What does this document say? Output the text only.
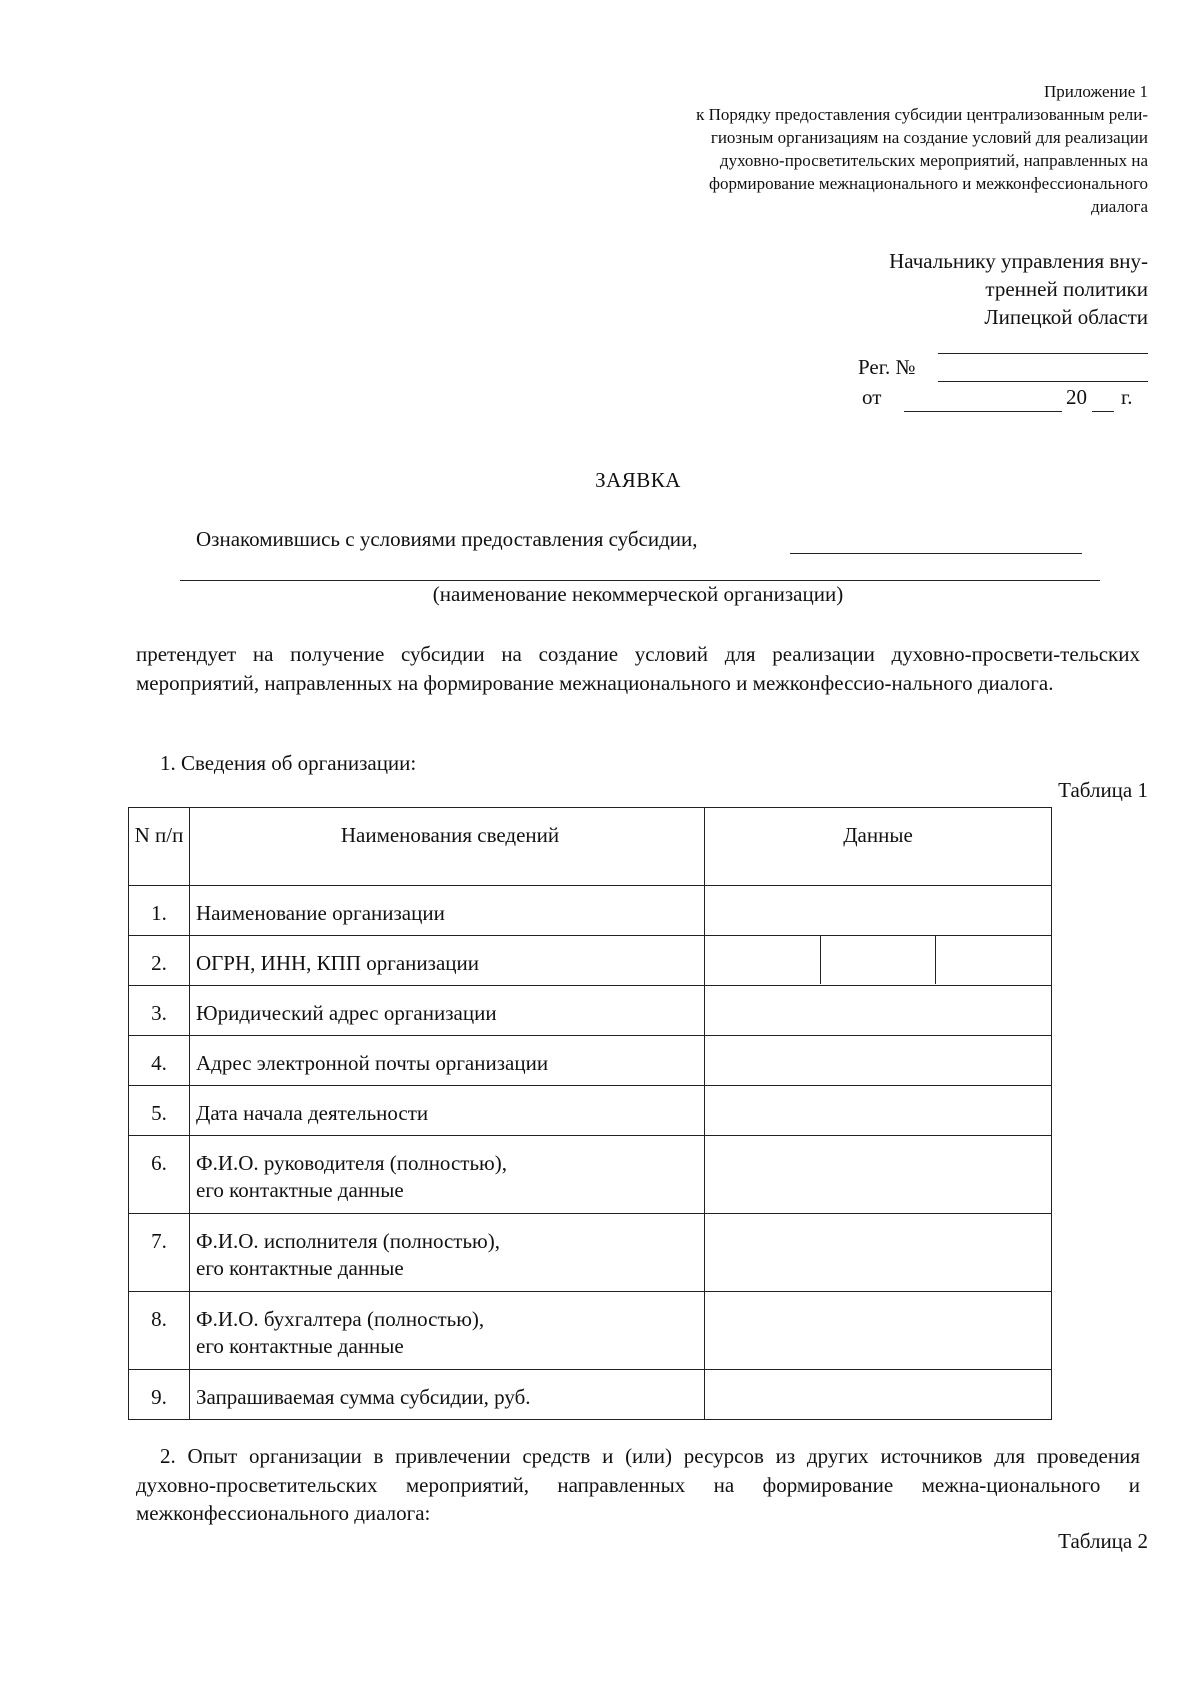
Приложение 1
к Порядку предоставления субсидии централизованным рели-
гиозным организациям на создание условий для реализации
духовно-просветительских мероприятий, направленных на
формирование межнационального и межконфессионального
диалога
Начальнику управления вну-
тренней политики
Липецкой области
Рег. №
от	20 г.
ЗАЯВКА
Ознакомившись с условиями предоставления субсидии,
(наименование некоммерческой организации)
претендует на получение субсидии на создание условий для реализации духовно-просвети-тельских мероприятий, направленных на формирование межнационального и межконфессио-нального диалога.
1. Сведения об организации:
Таблица 1
N п/п	Наименования сведений	Данные
1.	Наименование организации	
2.	ОГРН, ИНН, КПП организации	

3.	Юридический адрес организации	
4.	Адрес электронной почты организации	
5.	Дата начала деятельности	
6.	Ф.И.О. руководителя (полностью),
его контактные данные	

7.	Ф.И.О. исполнителя (полностью),
его контактные данные	

8.	Ф.И.О. бухгалтера (полностью),
его контактные данные	

9.	Запрашиваемая сумма субсидии, руб.	
2. Опыт организации в привлечении средств и (или) ресурсов из других источников для проведения духовно-просветительских мероприятий, направленных на формирование межна-ционального и межконфессионального диалога:
Таблица 2
